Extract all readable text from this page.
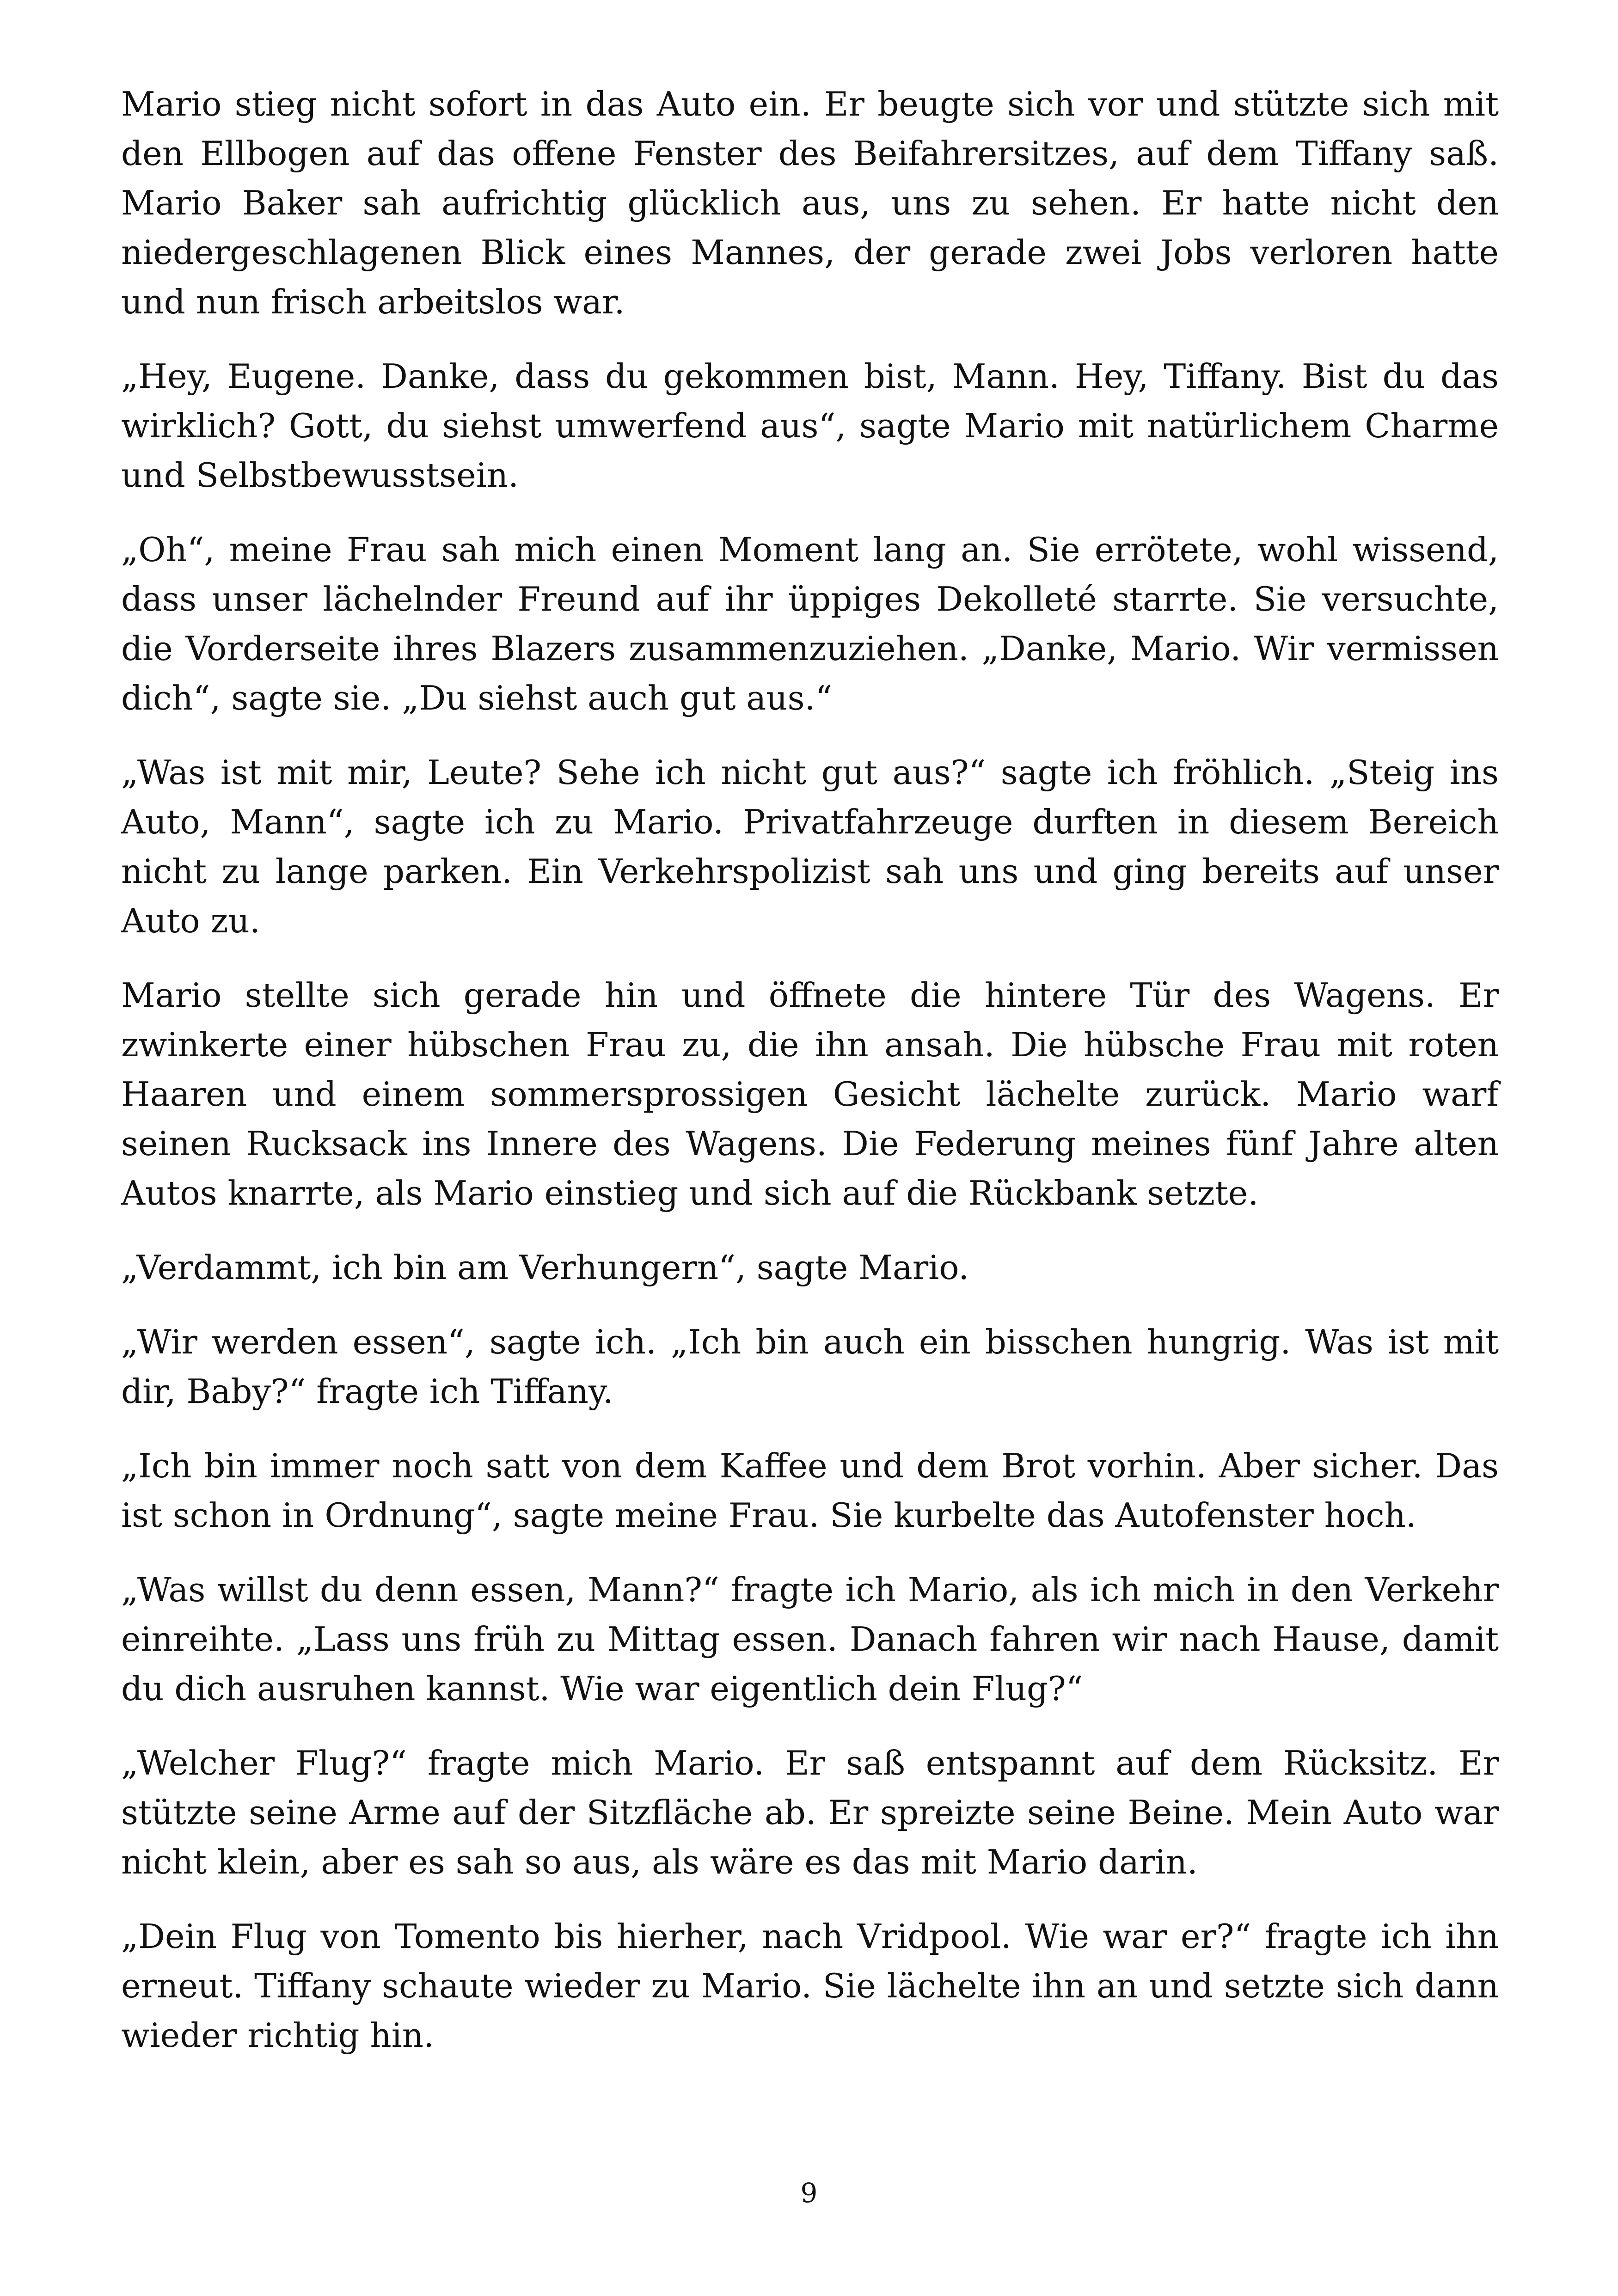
Mario stieg nicht sofort in das Auto ein. Er beugte sich vor und stützte sich mit den Ellbogen auf das offene Fenster des Beifahrersitzes, auf dem Tiffany saß. Mario Baker sah aufrichtig glücklich aus, uns zu sehen. Er hatte nicht den niedergeschlagenen Blick eines Mannes, der gerade zwei Jobs verloren hatte und nun frisch arbeitslos war.

„Hey, Eugene. Danke, dass du gekommen bist, Mann. Hey, Tiffany. Bist du das wirklich? Gott, du siehst umwerfend aus“, sagte Mario mit natürlichem Charme und Selbstbewusstsein.

„Oh“, meine Frau sah mich einen Moment lang an. Sie errötete, wohl wissend, dass unser lächelnder Freund auf ihr üppiges Dekolleté starrte. Sie versuchte, die Vorderseite ihres Blazers zusammenzuziehen. „Danke, Mario. Wir vermissen dich“, sagte sie. „Du siehst auch gut aus.“

„Was ist mit mir, Leute? Sehe ich nicht gut aus?“ sagte ich fröhlich. „Steig ins Auto, Mann“, sagte ich zu Mario. Privatfahrzeuge durften in diesem Bereich nicht zu lange parken. Ein Verkehrspolizist sah uns und ging bereits auf unser Auto zu.

Mario stellte sich gerade hin und öffnete die hintere Tür des Wagens. Er zwinkerte einer hübschen Frau zu, die ihn ansah. Die hübsche Frau mit roten Haaren und einem sommersprossigen Gesicht lächelte zurück. Mario warf seinen Rucksack ins Innere des Wagens. Die Federung meines fünf Jahre alten Autos knarrte, als Mario einstieg und sich auf die Rückbank setzte.

„Verdammt, ich bin am Verhungern“, sagte Mario.

„Wir werden essen“, sagte ich. „Ich bin auch ein bisschen hungrig. Was ist mit dir, Baby?“ fragte ich Tiffany.

„Ich bin immer noch satt von dem Kaffee und dem Brot vorhin. Aber sicher. Das ist schon in Ordnung“, sagte meine Frau. Sie kurbelte das Autofenster hoch.

„Was willst du denn essen, Mann?“ fragte ich Mario, als ich mich in den Verkehr einreihte. „Lass uns früh zu Mittag essen. Danach fahren wir nach Hause, damit du dich ausruhen kannst. Wie war eigentlich dein Flug?“

„Welcher Flug?“ fragte mich Mario. Er saß entspannt auf dem Rücksitz. Er stützte seine Arme auf der Sitzfläche ab. Er spreizte seine Beine. Mein Auto war nicht klein, aber es sah so aus, als wäre es das mit Mario darin.

„Dein Flug von Tomento bis hierher, nach Vridpool. Wie war er?“ fragte ich ihn erneut. Tiffany schaute wieder zu Mario. Sie lächelte ihn an und setzte sich dann wieder richtig hin.

9
